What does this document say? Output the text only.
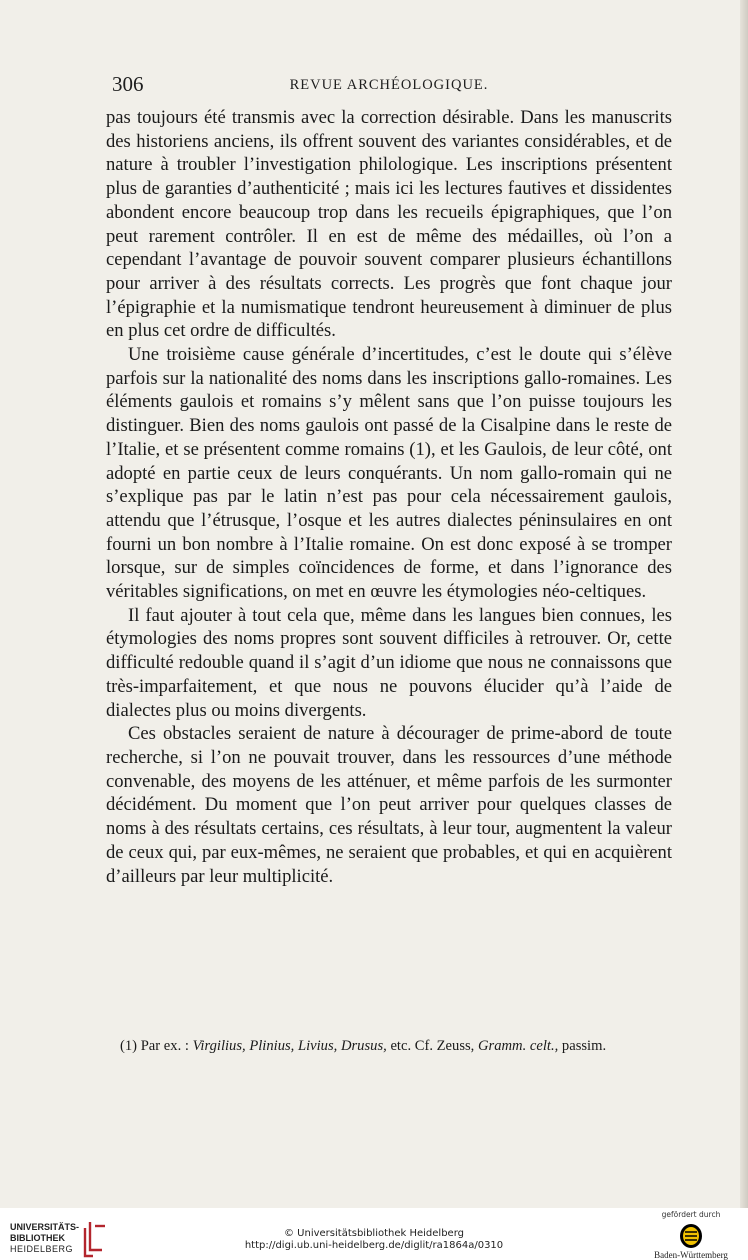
306	REVUE ARCHÉOLOGIQUE.

pas toujours été transmis avec la correction désirable. Dans les manuscrits des historiens anciens, ils offrent souvent des variantes considérables, et de nature à troubler l’investigation philologique. Les inscriptions présentent plus de garanties d’authenticité ; mais ici les lectures fautives et dissidentes abondent encore beaucoup trop dans les recueils épigraphiques, que l’on peut rarement contrôler. Il en est de même des médailles, où l’on a cependant l’avantage de pouvoir souvent comparer plusieurs échantillons pour arriver à des résultats corrects. Les progrès que font chaque jour l’épigraphie et la numismatique tendront heureusement à diminuer de plus en plus cet ordre de difficultés.

Une troisième cause générale d’incertitudes, c’est le doute qui s’élève parfois sur la nationalité des noms dans les inscriptions gallo-romaines. Les éléments gaulois et romains s’y mêlent sans que l’on puisse toujours les distinguer. Bien des noms gaulois ont passé de la Cisalpine dans le reste de l’Italie, et se présentent comme romains (1), et les Gaulois, de leur côté, ont adopté en partie ceux de leurs conquérants. Un nom gallo-romain qui ne s’explique pas par le latin n’est pas pour cela nécessairement gaulois, attendu que l’étrusque, l’osque et les autres dialectes péninsulaires en ont fourni un bon nombre à l’Italie romaine. On est donc exposé à se tromper lorsque, sur de simples coïncidences de forme, et dans l’ignorance des véritables significations, on met en œuvre les étymologies néo-celtiques.

Il faut ajouter à tout cela que, même dans les langues bien connues, les étymologies des noms propres sont souvent difficiles à retrouver. Or, cette difficulté redouble quand il s’agit d’un idiome que nous ne connaissons que très-imparfaitement, et que nous ne pouvons élucider qu’à l’aide de dialectes plus ou moins divergents.

Ces obstacles seraient de nature à décourager de prime-abord de toute recherche, si l’on ne pouvait trouver, dans les ressources d’une méthode convenable, des moyens de les atténuer, et même parfois de les surmonter décidément. Du moment que l’on peut arriver pour quelques classes de noms à des résultats certains, ces résultats, à leur tour, augmentent la valeur de ceux qui, par eux-mêmes, ne seraient que probables, et qui en acquièrent d’ailleurs par leur multiplicité.

(1) Par ex. : Virgilius, Plinius, Livius, Drusus, etc. Cf. Zeuss, Gramm. celt., passim.
UNIVERSITÄTS-
BIBLIOTHEK
HEIDELBERG
© Universitätsbibliothek Heidelberg
http://digi.ub.uni-heidelberg.de/diglit/ra1864a/0310
gefördert durch
Baden-Württemberg
